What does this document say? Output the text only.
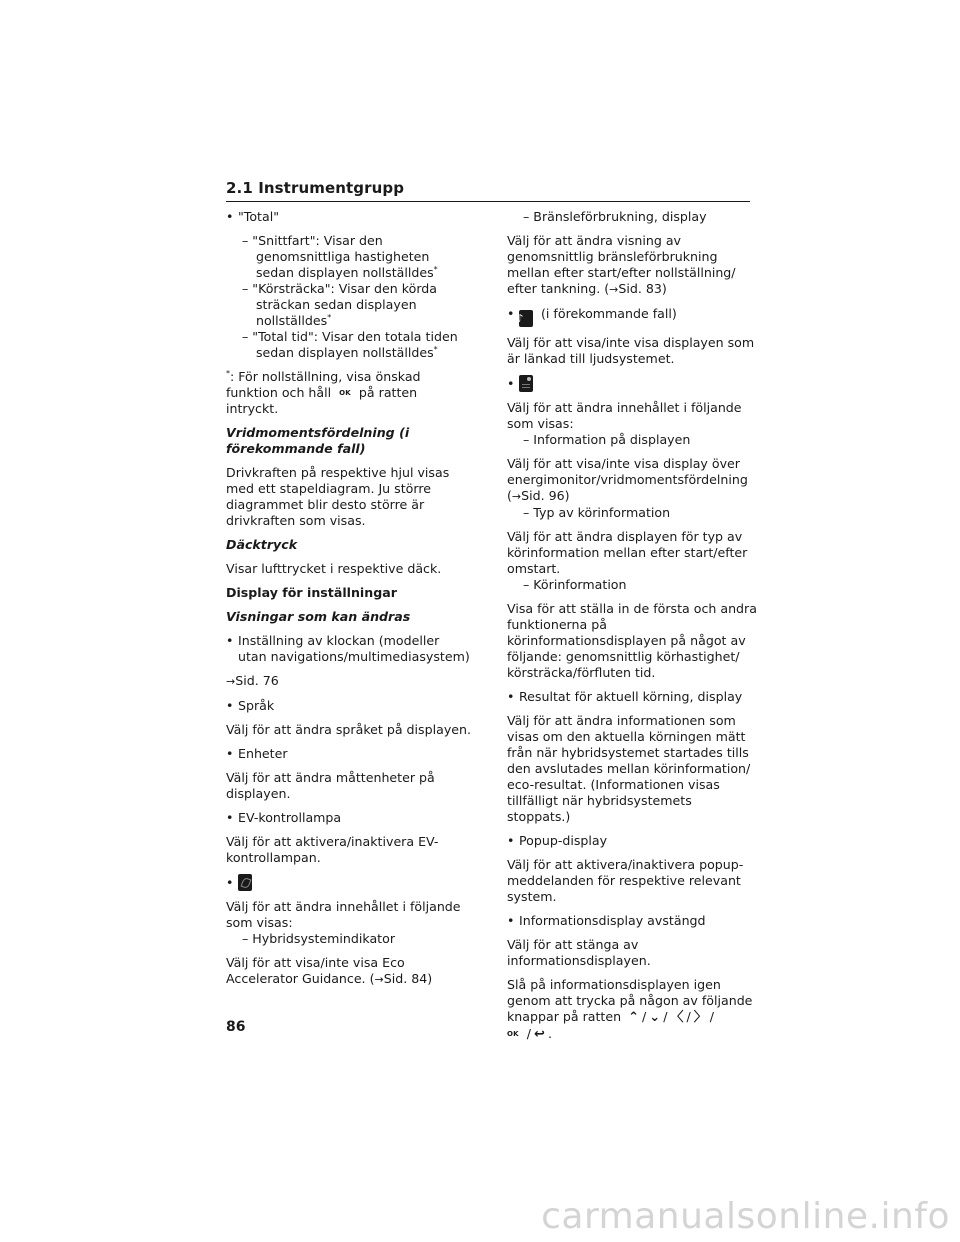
2.1 Instrumentgrupp
• "Total"
– "Snittfart": Visar den genomsnittliga hastigheten sedan displayen nollställdes*
– "Körsträcka": Visar den körda sträckan sedan displayen nollställdes*
– "Total tid": Visar den totala tiden sedan displayen nollställdes*

*: För nollställning, visa önskad funktion och håll OK på ratten intryckt.

Vridmomentsfördelning (i förekommande fall)

Drivkraften på respektive hjul visas med ett stapeldiagram. Ju större diagrammet blir desto större är drivkraften som visas.

Däcktryck

Visar lufttrycket i respektive däck.

Display för inställningar

Visningar som kan ändras

• Inställning av klockan (modeller utan navigations/multimediasystem)

→Sid. 76

• Språk

Välj för att ändra språket på displayen.

• Enheter

Välj för att ändra måttenheter på displayen.

• EV-kontrollampa

Välj för att aktivera/inaktivera EV-kontrollampan.

•

Välj för att ändra innehållet i följande som visas:

– Hybridsystemindikator

Välj för att visa/inte visa Eco Accelerator Guidance. (→Sid. 84)

– Bränsleförbrukning, display

Välj för att ändra visning av genomsnittlig bränsleförbrukning mellan efter start/efter nollställning/ efter tankning. (→Sid. 83)

• ♪ (i förekommande fall)

Välj för att visa/inte visa displayen som är länkad till ljudsystemet.

•

Välj för att ändra innehållet i följande som visas:

– Information på displayen

Välj för att visa/inte visa display över energimonitor/vridmomentsfördelning (→Sid. 96)

– Typ av körinformation

Välj för att ändra displayen för typ av körinformation mellan efter start/efter omstart.

– Körinformation

Visa för att ställa in de första och andra funktionerna på körinformationsdisplayen på något av följande: genomsnittlig körhastighet/ körsträcka/förfluten tid.

• Resultat för aktuell körning, display

Välj för att ändra informationen som visas om den aktuella körningen mätt från när hybridsystemet startades tills den avslutades mellan körinformation/ eco-resultat. (Informationen visas tillfälligt när hybridsystemets stoppats.)

• Popup-display

Välj för att aktivera/inaktivera popup-meddelanden för respektive relevant system.

• Informationsdisplay avstängd

Välj för att stänga av informationsdisplayen.

Slå på informationsdisplayen igen genom att trycka på någon av följande knappar på ratten ⌃ / ⌄ / 〈 / 〉 /
OK / ↩ .

86
carmanualsonline.info
